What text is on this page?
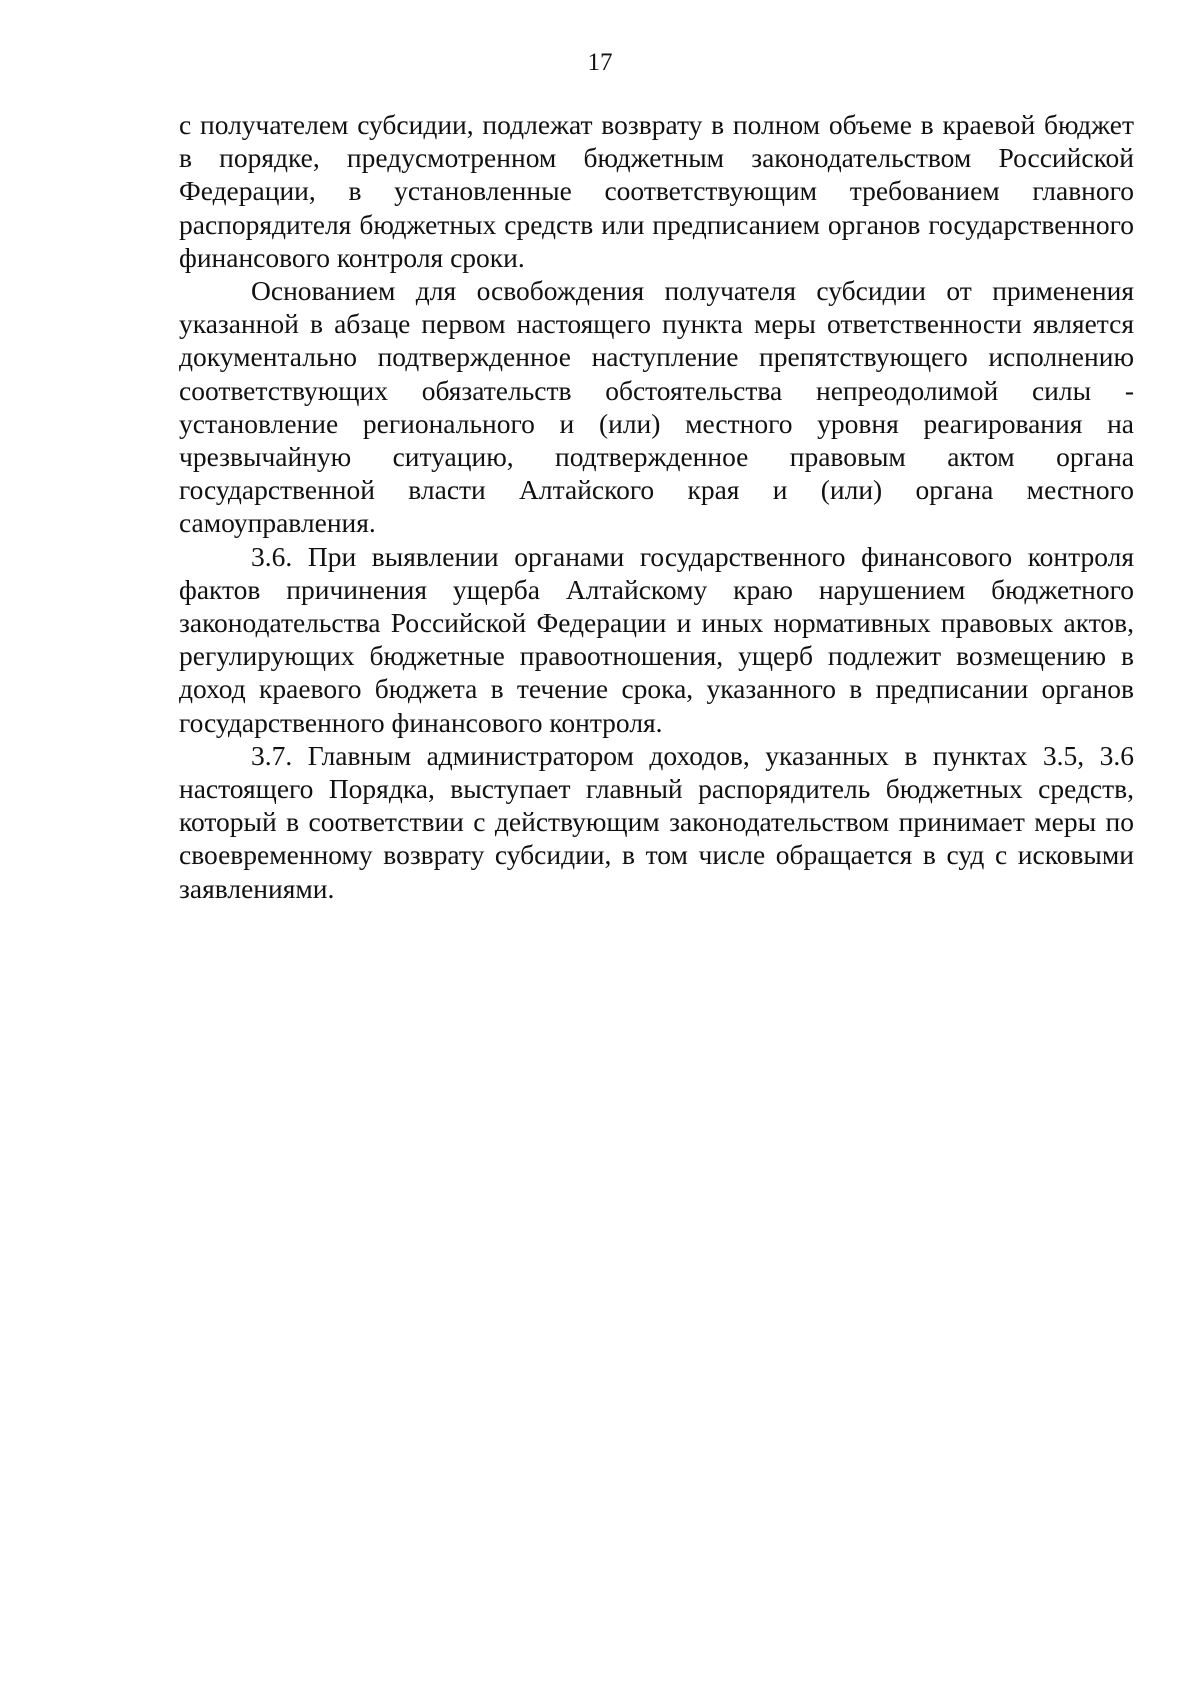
17

с получателем субсидии, подлежат возврату в полном объеме в краевой бюджет в порядке, предусмотренном бюджетным законодательством Российской Федерации, в установленные соответствующим требованием главного распорядителя бюджетных средств или предписанием органов государственного финансового контроля сроки.

Основанием для освобождения получателя субсидии от применения указанной в абзаце первом настоящего пункта меры ответственности является документально подтвержденное наступление препятствующего исполнению соответствующих обязательств обстоятельства непреодолимой силы - установление регионального и (или) местного уровня реагирования на чрезвычайную ситуацию, подтвержденное правовым актом органа государственной власти Алтайского края и (или) органа местного самоуправления.

3.6. При выявлении органами государственного финансового контроля фактов причинения ущерба Алтайскому краю нарушением бюджетного законодательства Российской Федерации и иных нормативных правовых актов, регулирующих бюджетные правоотношения, ущерб подлежит возмещению в доход краевого бюджета в течение срока, указанного в предписании органов государственного финансового контроля.

3.7. Главным администратором доходов, указанных в пунктах 3.5, 3.6 настоящего Порядка, выступает главный распорядитель бюджетных средств, который в соответствии с действующим законодательством принимает меры по своевременному возврату субсидии, в том числе обращается в суд с исковыми заявлениями.
